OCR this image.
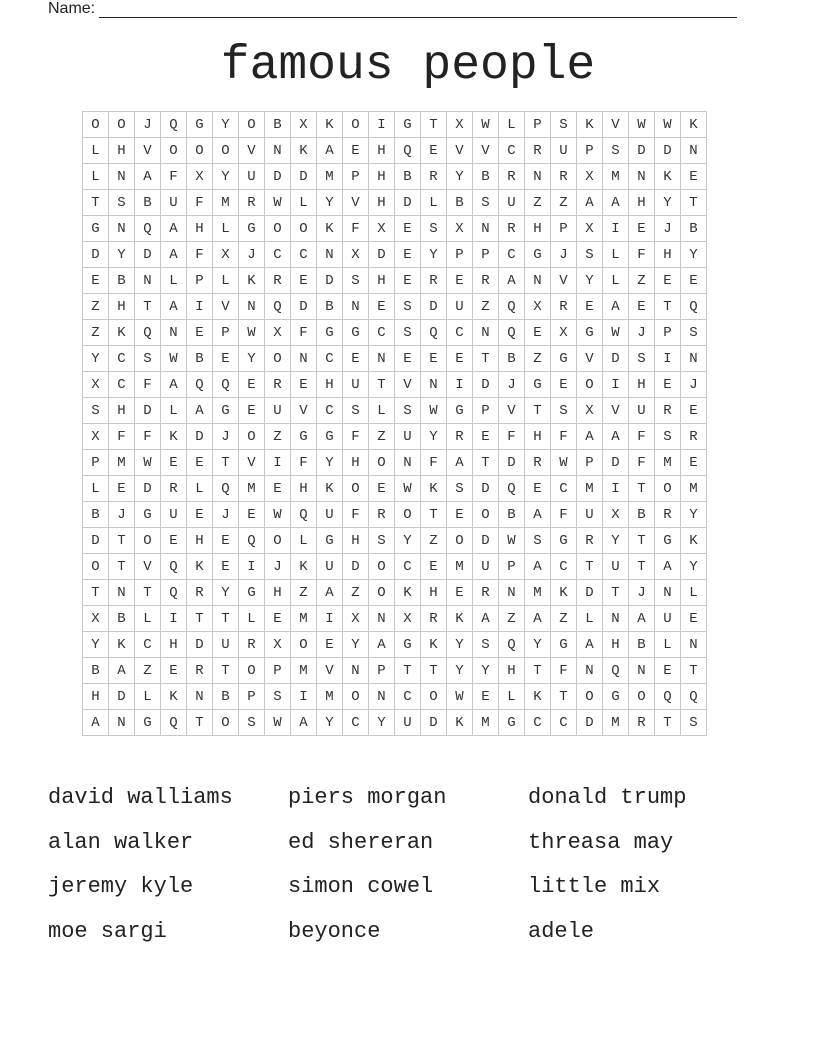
Name:
famous people
O	O	J	Q	G	Y	O	B	X	K	O	I	G	T	X	W	L	P	S	K	V	W	W	K
L	H	V	O	O	O	V	N	K	A	E	H	Q	E	V	V	C	R	U	P	S	D	D	N
L	N	A	F	X	Y	U	D	D	M	P	H	B	R	Y	B	R	N	R	X	M	N	K	E
T	S	B	U	F	M	R	W	L	Y	V	H	D	L	B	S	U	Z	Z	A	A	H	Y	T
G	N	Q	A	H	L	G	O	O	K	F	X	E	S	X	N	R	H	P	X	I	E	J	B
D	Y	D	A	F	X	J	C	C	N	X	D	E	Y	P	P	C	G	J	S	L	F	H	Y
E	B	N	L	P	L	K	R	E	D	S	H	E	R	E	R	A	N	V	Y	L	Z	E	E
Z	H	T	A	I	V	N	Q	D	B	N	E	S	D	U	Z	Q	X	R	E	A	E	T	Q
Z	K	Q	N	E	P	W	X	F	G	G	C	S	Q	C	N	Q	E	X	G	W	J	P	S
Y	C	S	W	B	E	Y	O	N	C	E	N	E	E	E	T	B	Z	G	V	D	S	I	N
X	C	F	A	Q	Q	E	R	E	H	U	T	V	N	I	D	J	G	E	O	I	H	E	J
S	H	D	L	A	G	E	U	V	C	S	L	S	W	G	P	V	T	S	X	V	U	R	E
X	F	F	K	D	J	O	Z	G	G	F	Z	U	Y	R	E	F	H	F	A	A	F	S	R
P	M	W	E	E	T	V	I	F	Y	H	O	N	F	A	T	D	R	W	P	D	F	M	E
L	E	D	R	L	Q	M	E	H	K	O	E	W	K	S	D	Q	E	C	M	I	T	O	M
B	J	G	U	E	J	E	W	Q	U	F	R	O	T	E	O	B	A	F	U	X	B	R	Y
D	T	O	E	H	E	Q	O	L	G	H	S	Y	Z	O	D	W	S	G	R	Y	T	G	K
O	T	V	Q	K	E	I	J	K	U	D	O	C	E	M	U	P	A	C	T	U	T	A	Y
T	N	T	Q	R	Y	G	H	Z	A	Z	O	K	H	E	R	N	M	K	D	T	J	N	L
X	B	L	I	T	T	L	E	M	I	X	N	X	R	K	A	Z	A	Z	L	N	A	U	E
Y	K	C	H	D	U	R	X	O	E	Y	A	G	K	Y	S	Q	Y	G	A	H	B	L	N
B	A	Z	E	R	T	O	P	M	V	N	P	T	T	Y	Y	H	T	F	N	Q	N	E	T
H	D	L	K	N	B	P	S	I	M	O	N	C	O	W	E	L	K	T	O	G	O	Q	Q
A	N	G	Q	T	O	S	W	A	Y	C	Y	U	D	K	M	G	C	C	D	M	R	T	S
david walliams	piers morgan	donald trump
alan walker	ed shereran	threasa may
jeremy kyle	simon cowel	little mix
moe sargi	beyonce	adele
